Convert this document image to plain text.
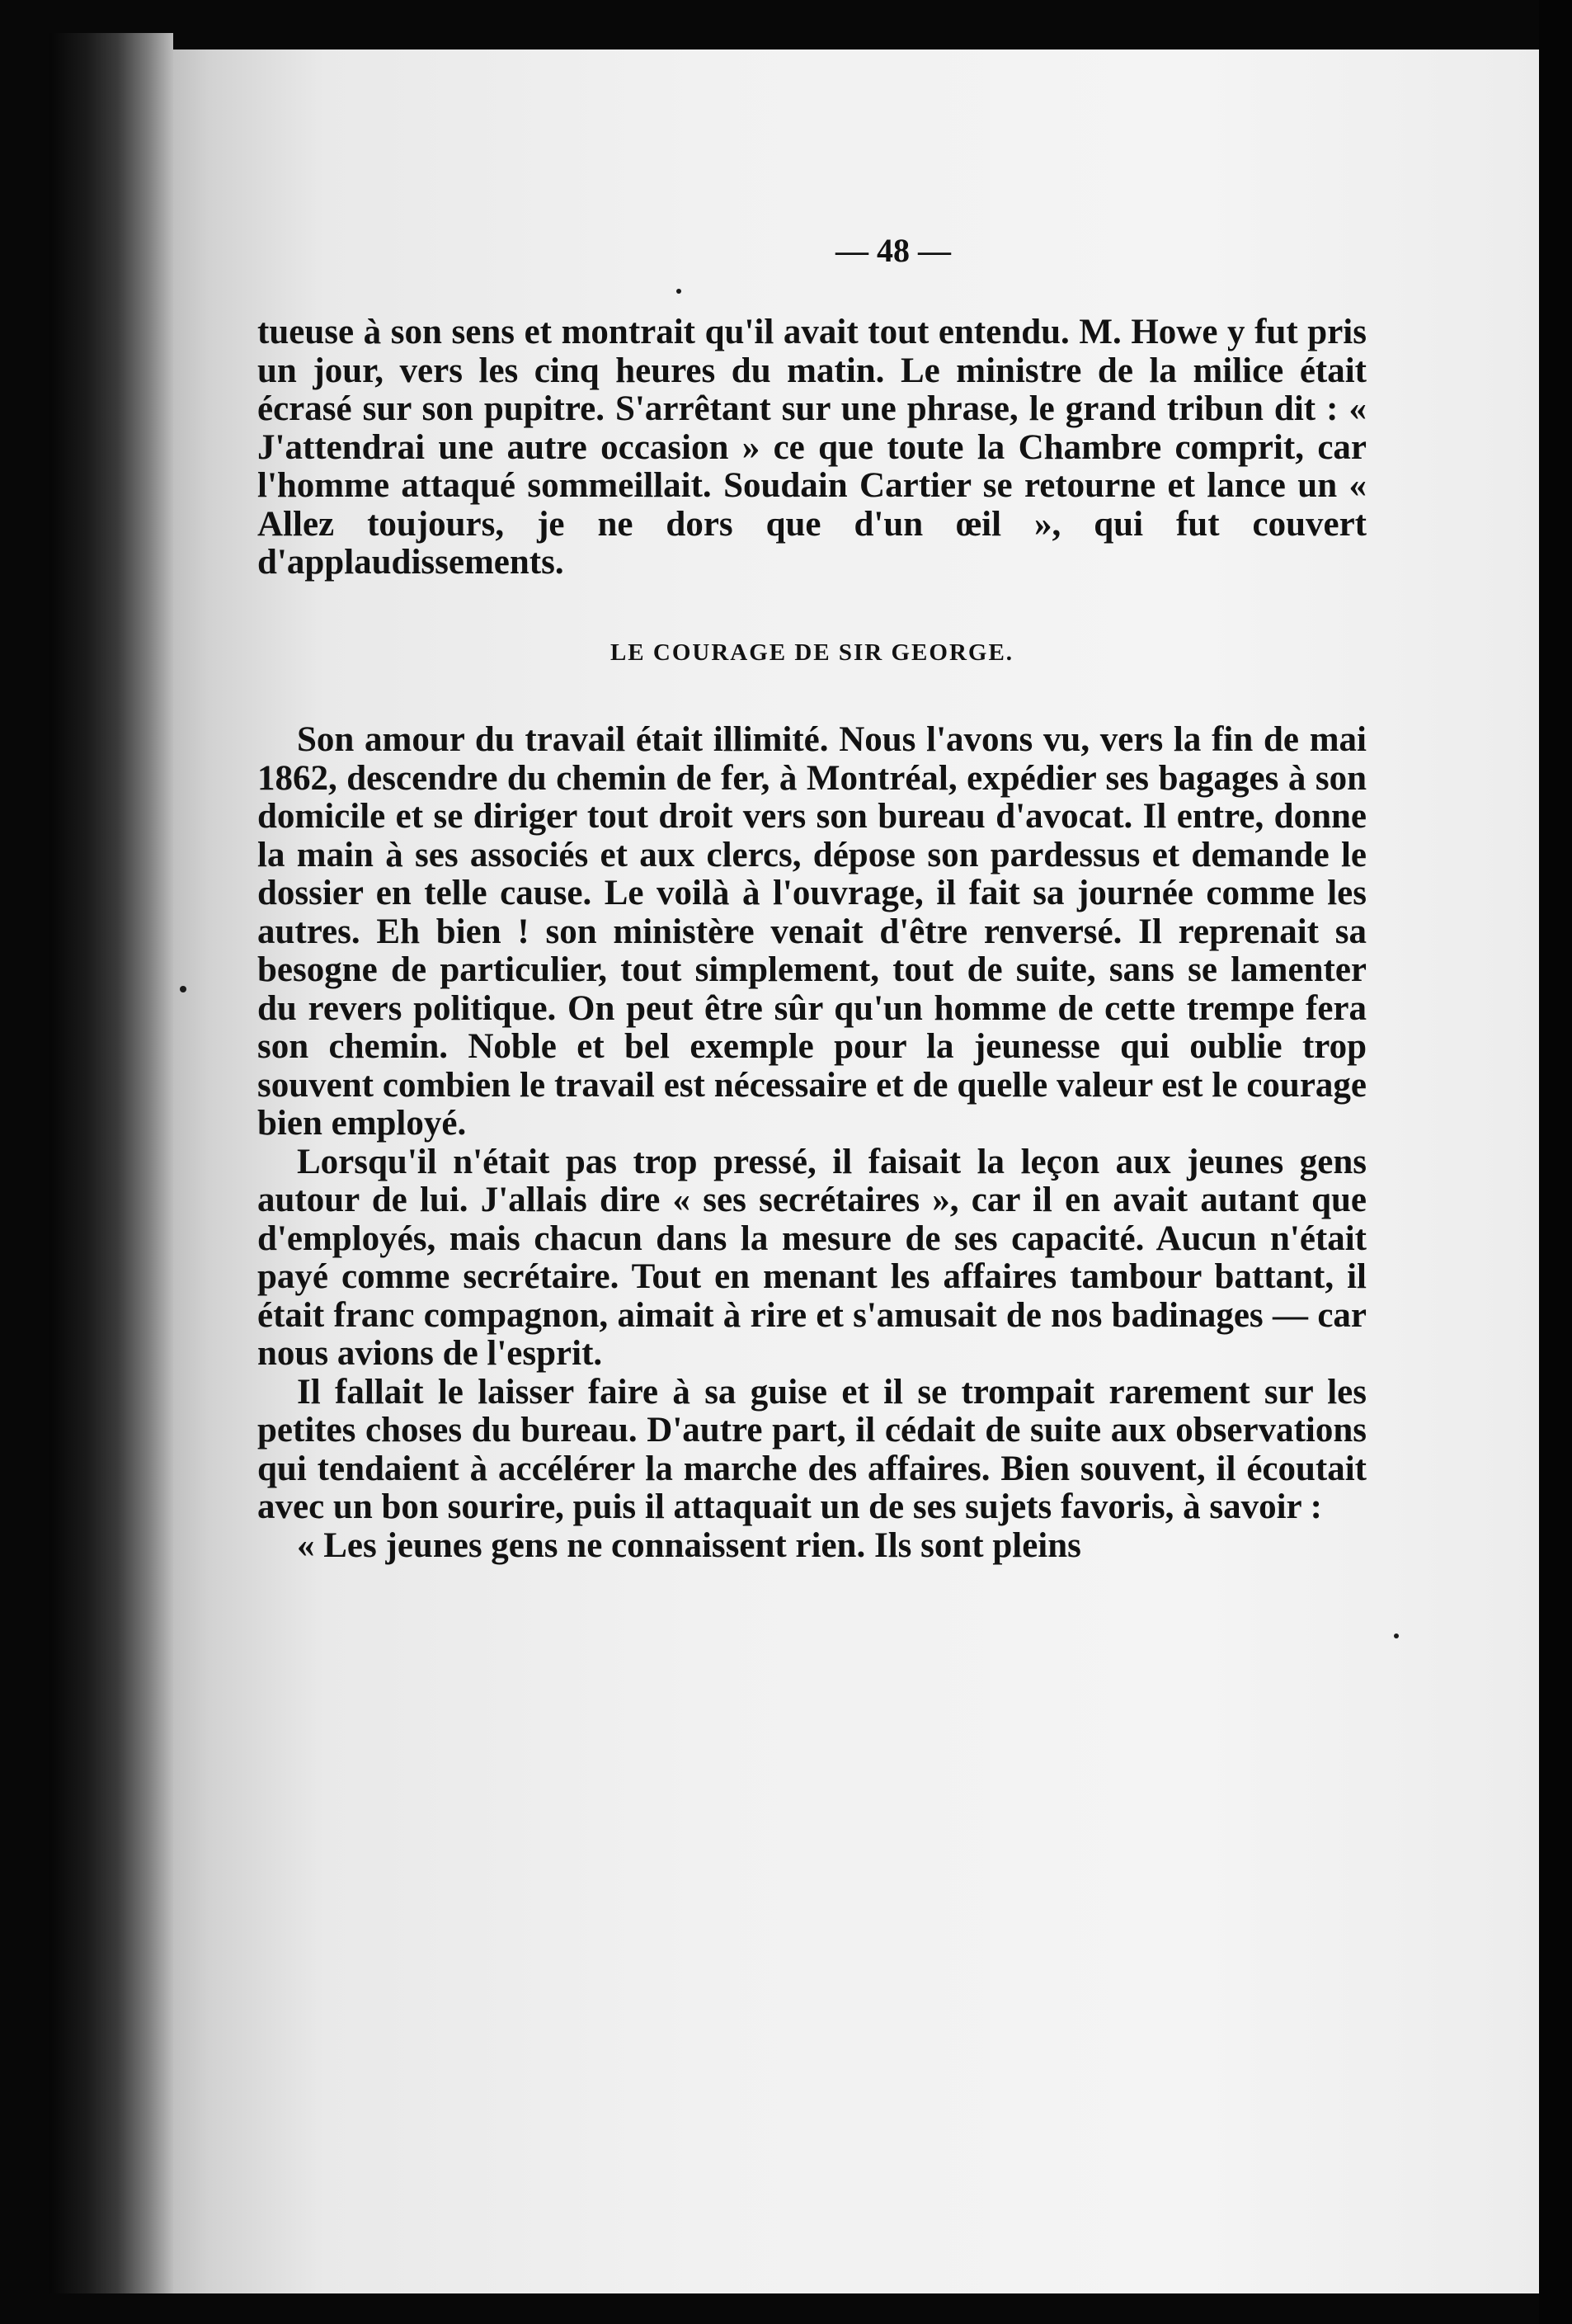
— 48 —

tueuse à son sens et montrait qu'il avait tout entendu. M. Howe y fut pris un jour, vers les cinq heures du matin. Le ministre de la milice était écrasé sur son pupitre. S'arrêtant sur une phrase, le grand tribun dit : « J'attendrai une autre occasion » ce que toute la Chambre comprit, car l'homme attaqué sommeillait. Soudain Cartier se retourne et lance un « Allez toujours, je ne dors que d'un œil », qui fut couvert d'applaudissements.

LE COURAGE DE SIR GEORGE.

Son amour du travail était illimité. Nous l'avons vu, vers la fin de mai 1862, descendre du chemin de fer, à Montréal, expédier ses bagages à son domicile et se diriger tout droit vers son bureau d'avocat. Il entre, donne la main à ses associés et aux clercs, dépose son pardessus et demande le dossier en telle cause. Le voilà à l'ouvrage, il fait sa journée comme les autres. Eh bien ! son ministère venait d'être renversé. Il reprenait sa besogne de particulier, tout simplement, tout de suite, sans se lamenter du revers politique. On peut être sûr qu'un homme de cette trempe fera son chemin. Noble et bel exemple pour la jeunesse qui oublie trop souvent combien le travail est nécessaire et de quelle valeur est le courage bien employé.

Lorsqu'il n'était pas trop pressé, il faisait la leçon aux jeunes gens autour de lui. J'allais dire « ses secrétaires », car il en avait autant que d'employés, mais chacun dans la mesure de ses capacité. Aucun n'était payé comme secrétaire. Tout en menant les affaires tambour battant, il était franc compagnon, aimait à rire et s'amusait de nos badinages — car nous avions de l'esprit.

Il fallait le laisser faire à sa guise et il se trompait rarement sur les petites choses du bureau. D'autre part, il cédait de suite aux observations qui tendaient à accélérer la marche des affaires. Bien souvent, il écoutait avec un bon sourire, puis il attaquait un de ses sujets favoris, à savoir :

« Les jeunes gens ne connaissent rien. Ils sont pleins
